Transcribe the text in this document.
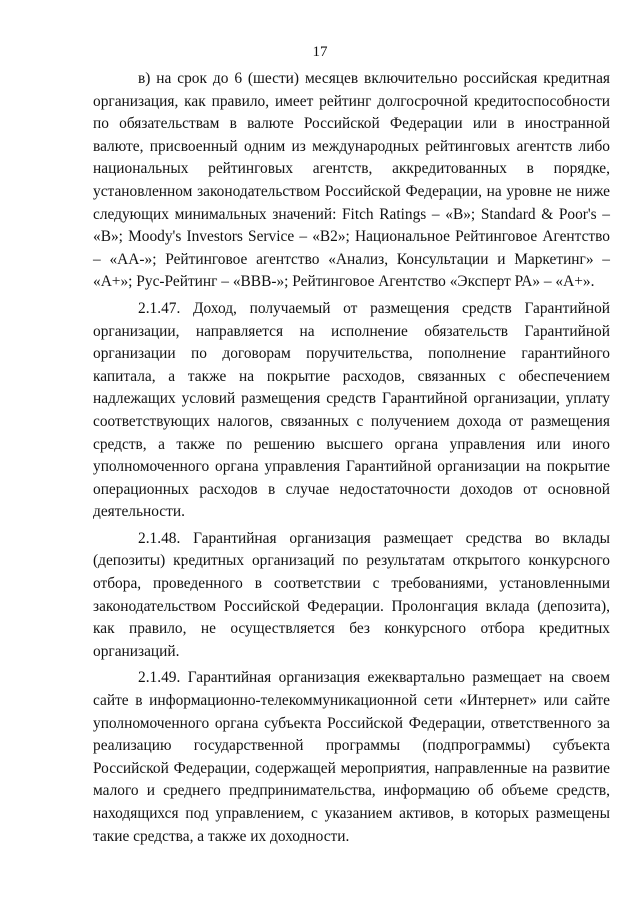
17

в) на срок до 6 (шести) месяцев включительно российская кредитная организация, как правило, имеет рейтинг долгосрочной кредитоспособности по обязательствам в валюте Российской Федерации или в иностранной валюте, присвоенный одним из международных рейтинговых агентств либо национальных рейтинговых агентств, аккредитованных в порядке, установленном законодательством Российской Федерации, на уровне не ниже следующих минимальных значений: Fitch Ratings – «B»; Standard & Poor's – «B»; Moody's Investors Service – «B2»; Национальное Рейтинговое Агентство – «АА-»; Рейтинговое агентство «Анализ, Консультации и Маркетинг» – «А+»; Рус-Рейтинг – «BBB-»; Рейтинговое Агентство «Эксперт РА» – «А+».

2.1.47. Доход, получаемый от размещения средств Гарантийной организации, направляется на исполнение обязательств Гарантийной организации по договорам поручительства, пополнение гарантийного капитала, а также на покрытие расходов, связанных с обеспечением надлежащих условий размещения средств Гарантийной организации, уплату соответствующих налогов, связанных с получением дохода от размещения средств, а также по решению высшего органа управления или иного уполномоченного органа управления Гарантийной организации на покрытие операционных расходов в случае недостаточности доходов от основной деятельности.

2.1.48. Гарантийная организация размещает средства во вклады (депозиты) кредитных организаций по результатам открытого конкурсного отбора, проведенного в соответствии с требованиями, установленными законодательством Российской Федерации. Пролонгация вклада (депозита), как правило, не осуществляется без конкурсного отбора кредитных организаций.

2.1.49. Гарантийная организация ежеквартально размещает на своем сайте в информационно-телекоммуникационной сети «Интернет» или сайте уполномоченного органа субъекта Российской Федерации, ответственного за реализацию государственной программы (подпрограммы) субъекта Российской Федерации, содержащей мероприятия, направленные на развитие малого и среднего предпринимательства, информацию об объеме средств, находящихся под управлением, с указанием активов, в которых размещены такие средства, а также их доходности.
